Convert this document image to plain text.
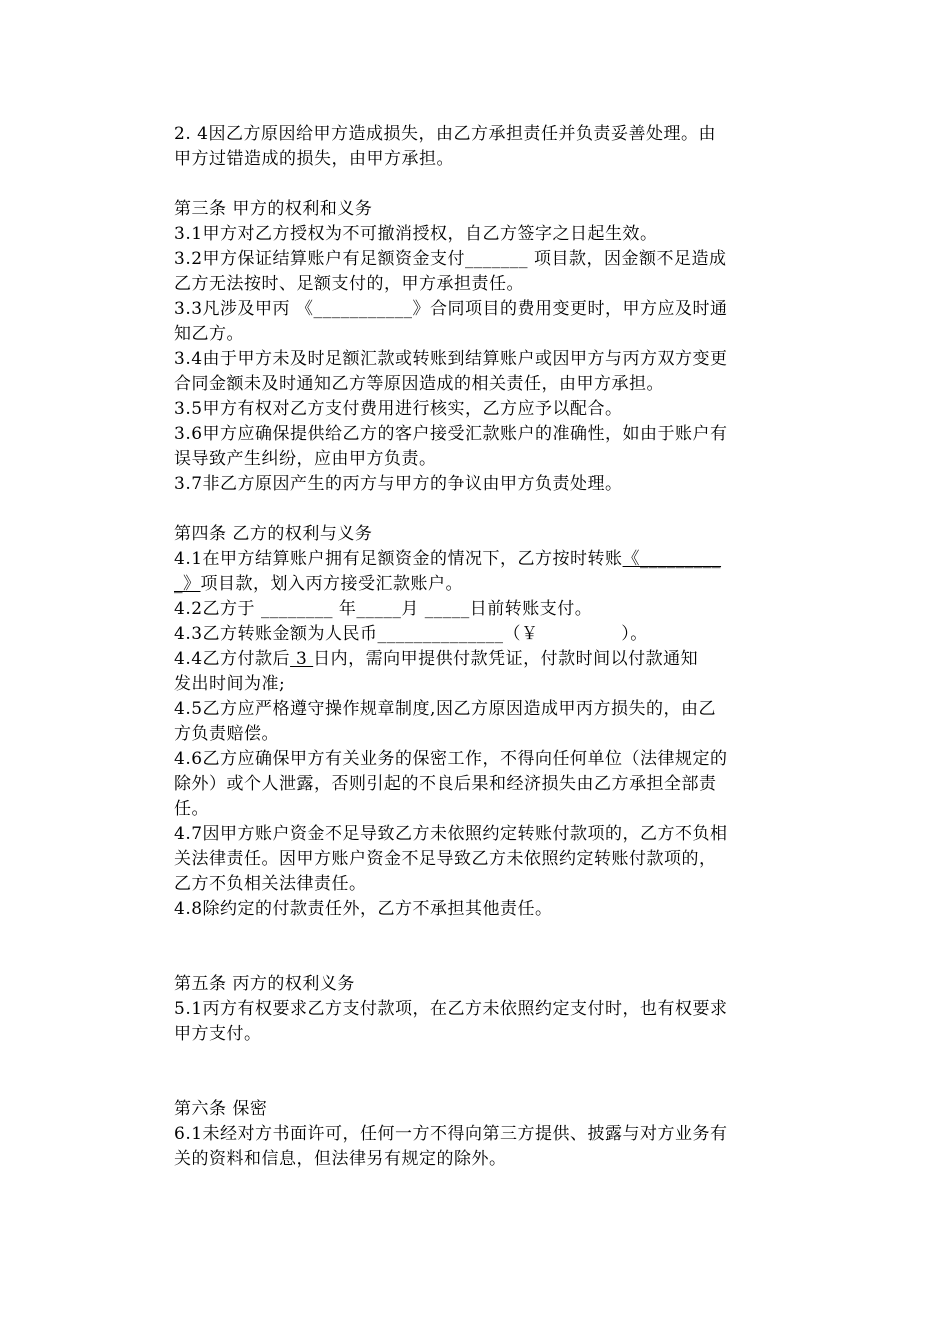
2. 4因乙方原因给甲方造成损失，由乙方承担责任并负责妥善处理。由
甲方过错造成的损失，由甲方承担。
第三条 甲方的权利和义务
3.1甲方对乙方授权为不可撤消授权，自乙方签字之日起生效。
3.2甲方保证结算账户有足额资金支付_______ 项目款，因金额不足造成
乙方无法按时、足额支付的，甲方承担责任。
3.3凡涉及甲丙 《___________》合同项目的费用变更时，甲方应及时通
知乙方。
3.4由于甲方未及时足额汇款或转账到结算账户或因甲方与丙方双方变更
合同金额未及时通知乙方等原因造成的相关责任，由甲方承担。
3.5甲方有权对乙方支付费用进行核实，乙方应予以配合。
3.6甲方应确保提供给乙方的客户接受汇款账户的准确性，如由于账户有
误导致产生纠纷，应由甲方负责。
3.7非乙方原因产生的丙方与甲方的争议由甲方负责处理。
第四条 乙方的权利与义务
4.1在甲方结算账户拥有足额资金的情况下，乙方按时转账《_________
_》项目款，划入丙方接受汇款账户。
4.2乙方于 ________ 年_____月 _____日前转账支付。
4.3乙方转账金额为人民币______________（￥              ）。
4.4乙方付款后 3 日内，需向甲提供付款凭证，付款时间以付款通知
发出时间为准;
4.5乙方应严格遵守操作规章制度,因乙方原因造成甲丙方损失的，由乙
方负责赔偿。
4.6乙方应确保甲方有关业务的保密工作，不得向任何单位（法律规定的
除外）或个人泄露，否则引起的不良后果和经济损失由乙方承担全部责
任。
4.7因甲方账户资金不足导致乙方未依照约定转账付款项的，乙方不负相
关法律责任。因甲方账户资金不足导致乙方未依照约定转账付款项的，
乙方不负相关法律责任。
4.8除约定的付款责任外，乙方不承担其他责任。
第五条 丙方的权利义务
5.1丙方有权要求乙方支付款项，在乙方未依照约定支付时，也有权要求
甲方支付。
第六条 保密
6.1未经对方书面许可，任何一方不得向第三方提供、披露与对方业务有
关的资料和信息，但法律另有规定的除外。
